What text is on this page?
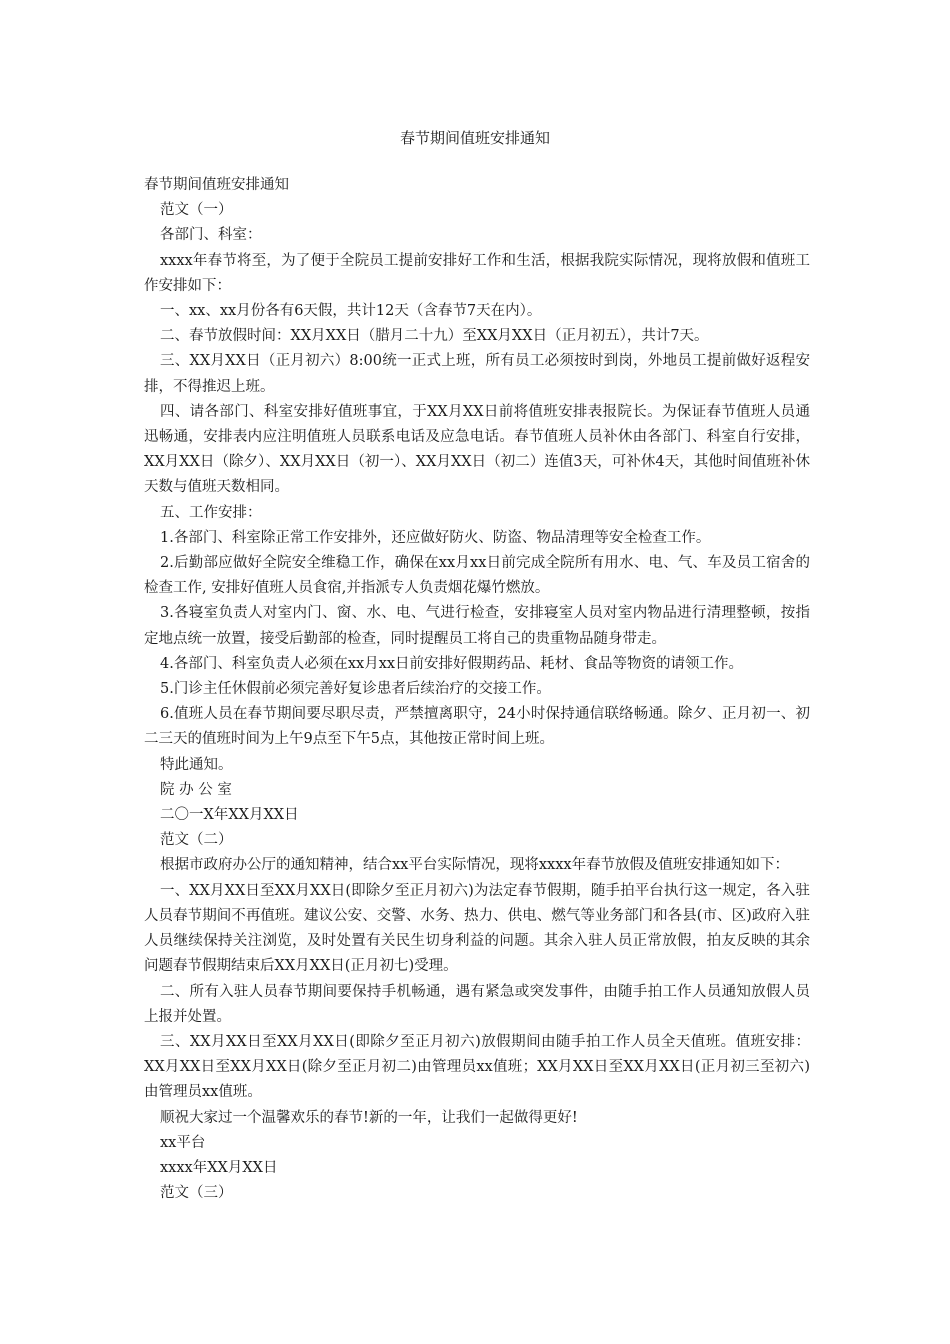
春节期间值班安排通知

春节期间值班安排通知

范文（一）

各部门、科室：

xxxx年春节将至，为了便于全院员工提前安排好工作和生活，根据我院实际情况，现将放假和值班工作安排如下：

一、xx、xx月份各有6天假，共计12天（含春节7天在内）。

二、春节放假时间：XX月XX日（腊月二十九）至XX月XX日（正月初五），共计7天。

三、XX月XX日（正月初六）8:00统一正式上班，所有员工必须按时到岗，外地员工提前做好返程安排，不得推迟上班。

四、请各部门、科室安排好值班事宜，于XX月XX日前将值班安排表报院长。为保证春节值班人员通迅畅通，安排表内应注明值班人员联系电话及应急电话。春节值班人员补休由各部门、科室自行安排，XX月XX日（除夕）、XX月XX日（初一）、XX月XX日（初二）连值3天，可补休4天，其他时间值班补休天数与值班天数相同。

五、工作安排：

1.各部门、科室除正常工作安排外，还应做好防火、防盗、物品清理等安全检查工作。

2.后勤部应做好全院安全维稳工作，确保在xx月xx日前完成全院所有用水、电、气、车及员工宿舍的检查工作, 安排好值班人员食宿,并指派专人负责烟花爆竹燃放。

3.各寝室负责人对室内门、窗、水、电、气进行检查，安排寝室人员对室内物品进行清理整顿，按指定地点统一放置，接受后勤部的检查，同时提醒员工将自己的贵重物品随身带走。

4.各部门、科室负责人必须在xx月xx日前安排好假期药品、耗材、食品等物资的请领工作。

5.门诊主任休假前必须完善好复诊患者后续治疗的交接工作。

6.值班人员在春节期间要尽职尽责，严禁擅离职守，24小时保持通信联络畅通。除夕、正月初一、初二三天的值班时间为上午9点至下午5点，其他按正常时间上班。

特此通知。

院 办 公 室

二〇一X年XX月XX日

范文（二）

根据市政府办公厅的通知精神，结合xx平台实际情况，现将xxxx年春节放假及值班安排通知如下：

一、XX月XX日至XX月XX日(即除夕至正月初六)为法定春节假期，随手拍平台执行这一规定，各入驻人员春节期间不再值班。建议公安、交警、水务、热力、供电、燃气等业务部门和各县(市、区)政府入驻人员继续保持关注浏览，及时处置有关民生切身利益的问题。其余入驻人员正常放假，拍友反映的其余问题春节假期结束后XX月XX日(正月初七)受理。

二、所有入驻人员春节期间要保持手机畅通，遇有紧急或突发事件，由随手拍工作人员通知放假人员上报并处置。

三、XX月XX日至XX月XX日(即除夕至正月初六)放假期间由随手拍工作人员全天值班。值班安排：XX月XX日至XX月XX日(除夕至正月初二)由管理员xx值班；XX月XX日至XX月XX日(正月初三至初六)由管理员xx值班。

顺祝大家过一个温馨欢乐的春节!新的一年，让我们一起做得更好!

xx平台

xxxx年XX月XX日

范文（三）
